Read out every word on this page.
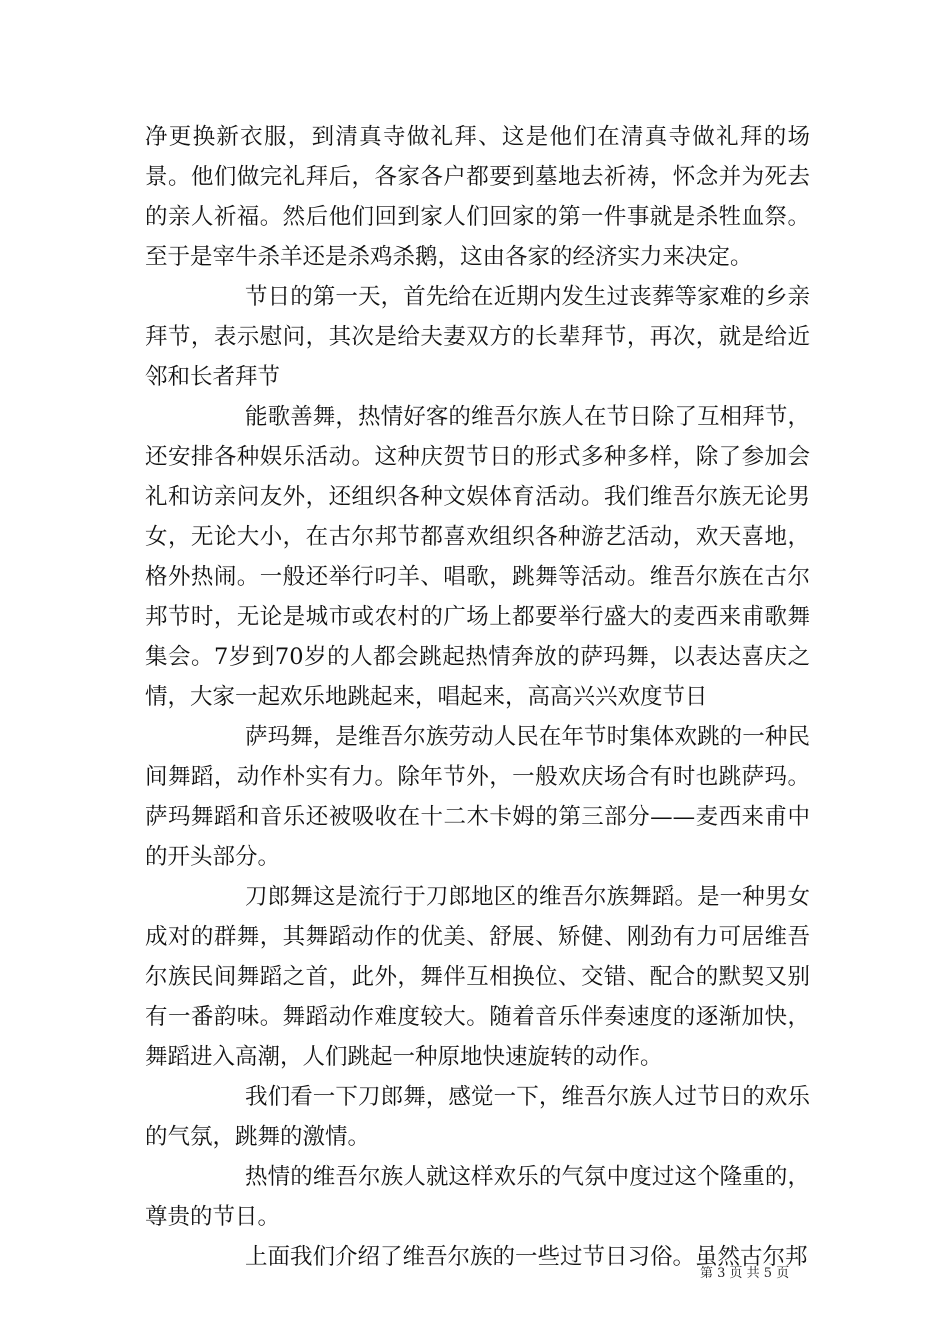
净更换新衣服，到清真寺做礼拜、这是他们在清真寺做礼拜的场景。他们做完礼拜后，各家各户都要到墓地去祈祷，怀念并为死去的亲人祈福。然后他们回到家人们回家的第一件事就是杀牲血祭。至于是宰牛杀羊还是杀鸡杀鹅，这由各家的经济实力来决定。

节日的第一天，首先给在近期内发生过丧葬等家难的乡亲拜节，表示慰问，其次是给夫妻双方的长辈拜节，再次，就是给近邻和长者拜节

能歌善舞，热情好客的维吾尔族人在节日除了互相拜节，还安排各种娱乐活动。这种庆贺节日的形式多种多样，除了参加会礼和访亲问友外，还组织各种文娱体育活动。我们维吾尔族无论男女，无论大小，在古尔邦节都喜欢组织各种游艺活动，欢天喜地，格外热闹。一般还举行叼羊、唱歌，跳舞等活动。维吾尔族在古尔邦节时，无论是城市或农村的广场上都要举行盛大的麦西来甫歌舞集会。7岁到70岁的人都会跳起热情奔放的萨玛舞，以表达喜庆之情，大家一起欢乐地跳起来，唱起来，高高兴兴欢度节日

萨玛舞，是维吾尔族劳动人民在年节时集体欢跳的一种民间舞蹈，动作朴实有力。除年节外，一般欢庆场合有时也跳萨玛。萨玛舞蹈和音乐还被吸收在十二木卡姆的第三部分——麦西来甫中的开头部分。

刀郎舞这是流行于刀郎地区的维吾尔族舞蹈。是一种男女成对的群舞，其舞蹈动作的优美、舒展、矫健、刚劲有力可居维吾尔族民间舞蹈之首，此外，舞伴互相换位、交错、配合的默契又别有一番韵味。舞蹈动作难度较大。随着音乐伴奏速度的逐渐加快，舞蹈进入高潮，人们跳起一种原地快速旋转的动作。

我们看一下刀郎舞，感觉一下，维吾尔族人过节日的欢乐的气氛，跳舞的激情。

热情的维吾尔族人就这样欢乐的气氛中度过这个隆重的，尊贵的节日。

上面我们介绍了维吾尔族的一些过节日习俗。虽然古尔邦

第 3 页 共 5 页
